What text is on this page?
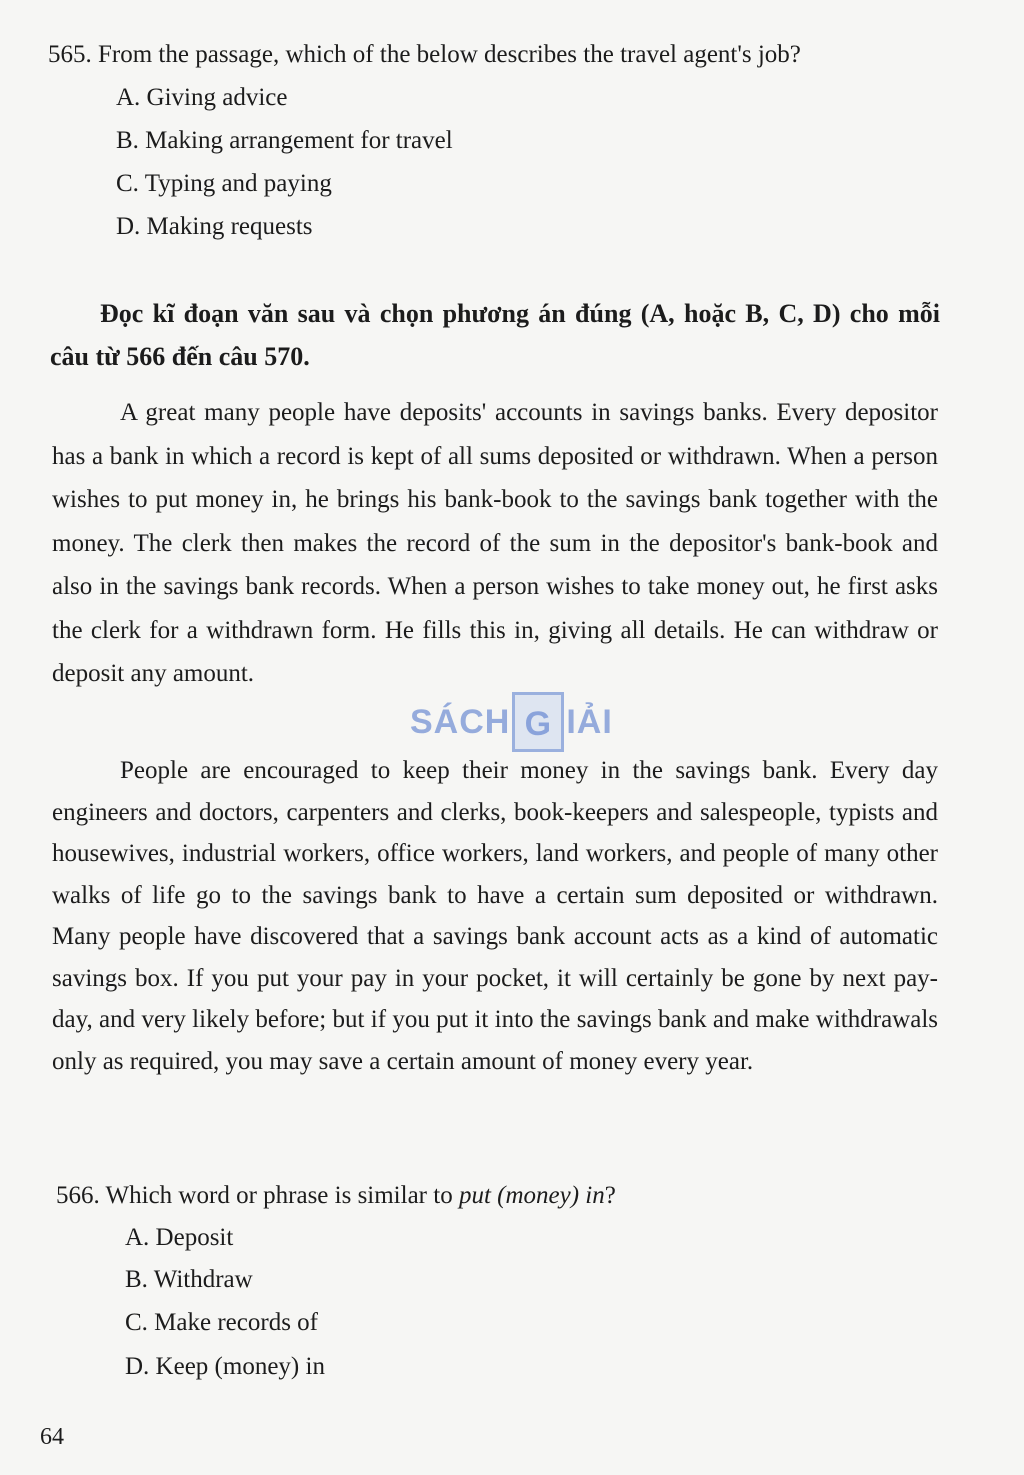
565. From the passage, which of the below describes the travel agent's job?
A. Giving advice
B. Making arrangement for travel
C. Typing and paying
D. Making requests
Đọc kĩ đoạn văn sau và chọn phương án đúng (A, hoặc B, C, D) cho mỗi câu từ 566 đến câu 570.
A great many people have deposits' accounts in savings banks. Every depositor has a bank in which a record is kept of all sums deposited or withdrawn. When a person wishes to put money in, he brings his bank-book to the savings bank together with the money. The clerk then makes the record of the sum in the depositor's bank-book and also in the savings bank records. When a person wishes to take money out, he first asks the clerk for a withdrawn form. He fills this in, giving all details. He can withdraw or deposit any amount.
SÁCH G IẢI
People are encouraged to keep their money in the savings bank. Every day engineers and doctors, carpenters and clerks, book-keepers and salespeople, typists and housewives, industrial workers, office workers, land workers, and people of many other walks of life go to the savings bank to have a certain sum deposited or withdrawn. Many people have discovered that a savings bank account acts as a kind of automatic savings box. If you put your pay in your pocket, it will certainly be gone by next pay-day, and very likely before; but if you put it into the savings bank and make withdrawals only as required, you may save a certain amount of money every year.
566. Which word or phrase is similar to put (money) in?
A. Deposit
B. Withdraw
C. Make records of
D. Keep (money) in
64
